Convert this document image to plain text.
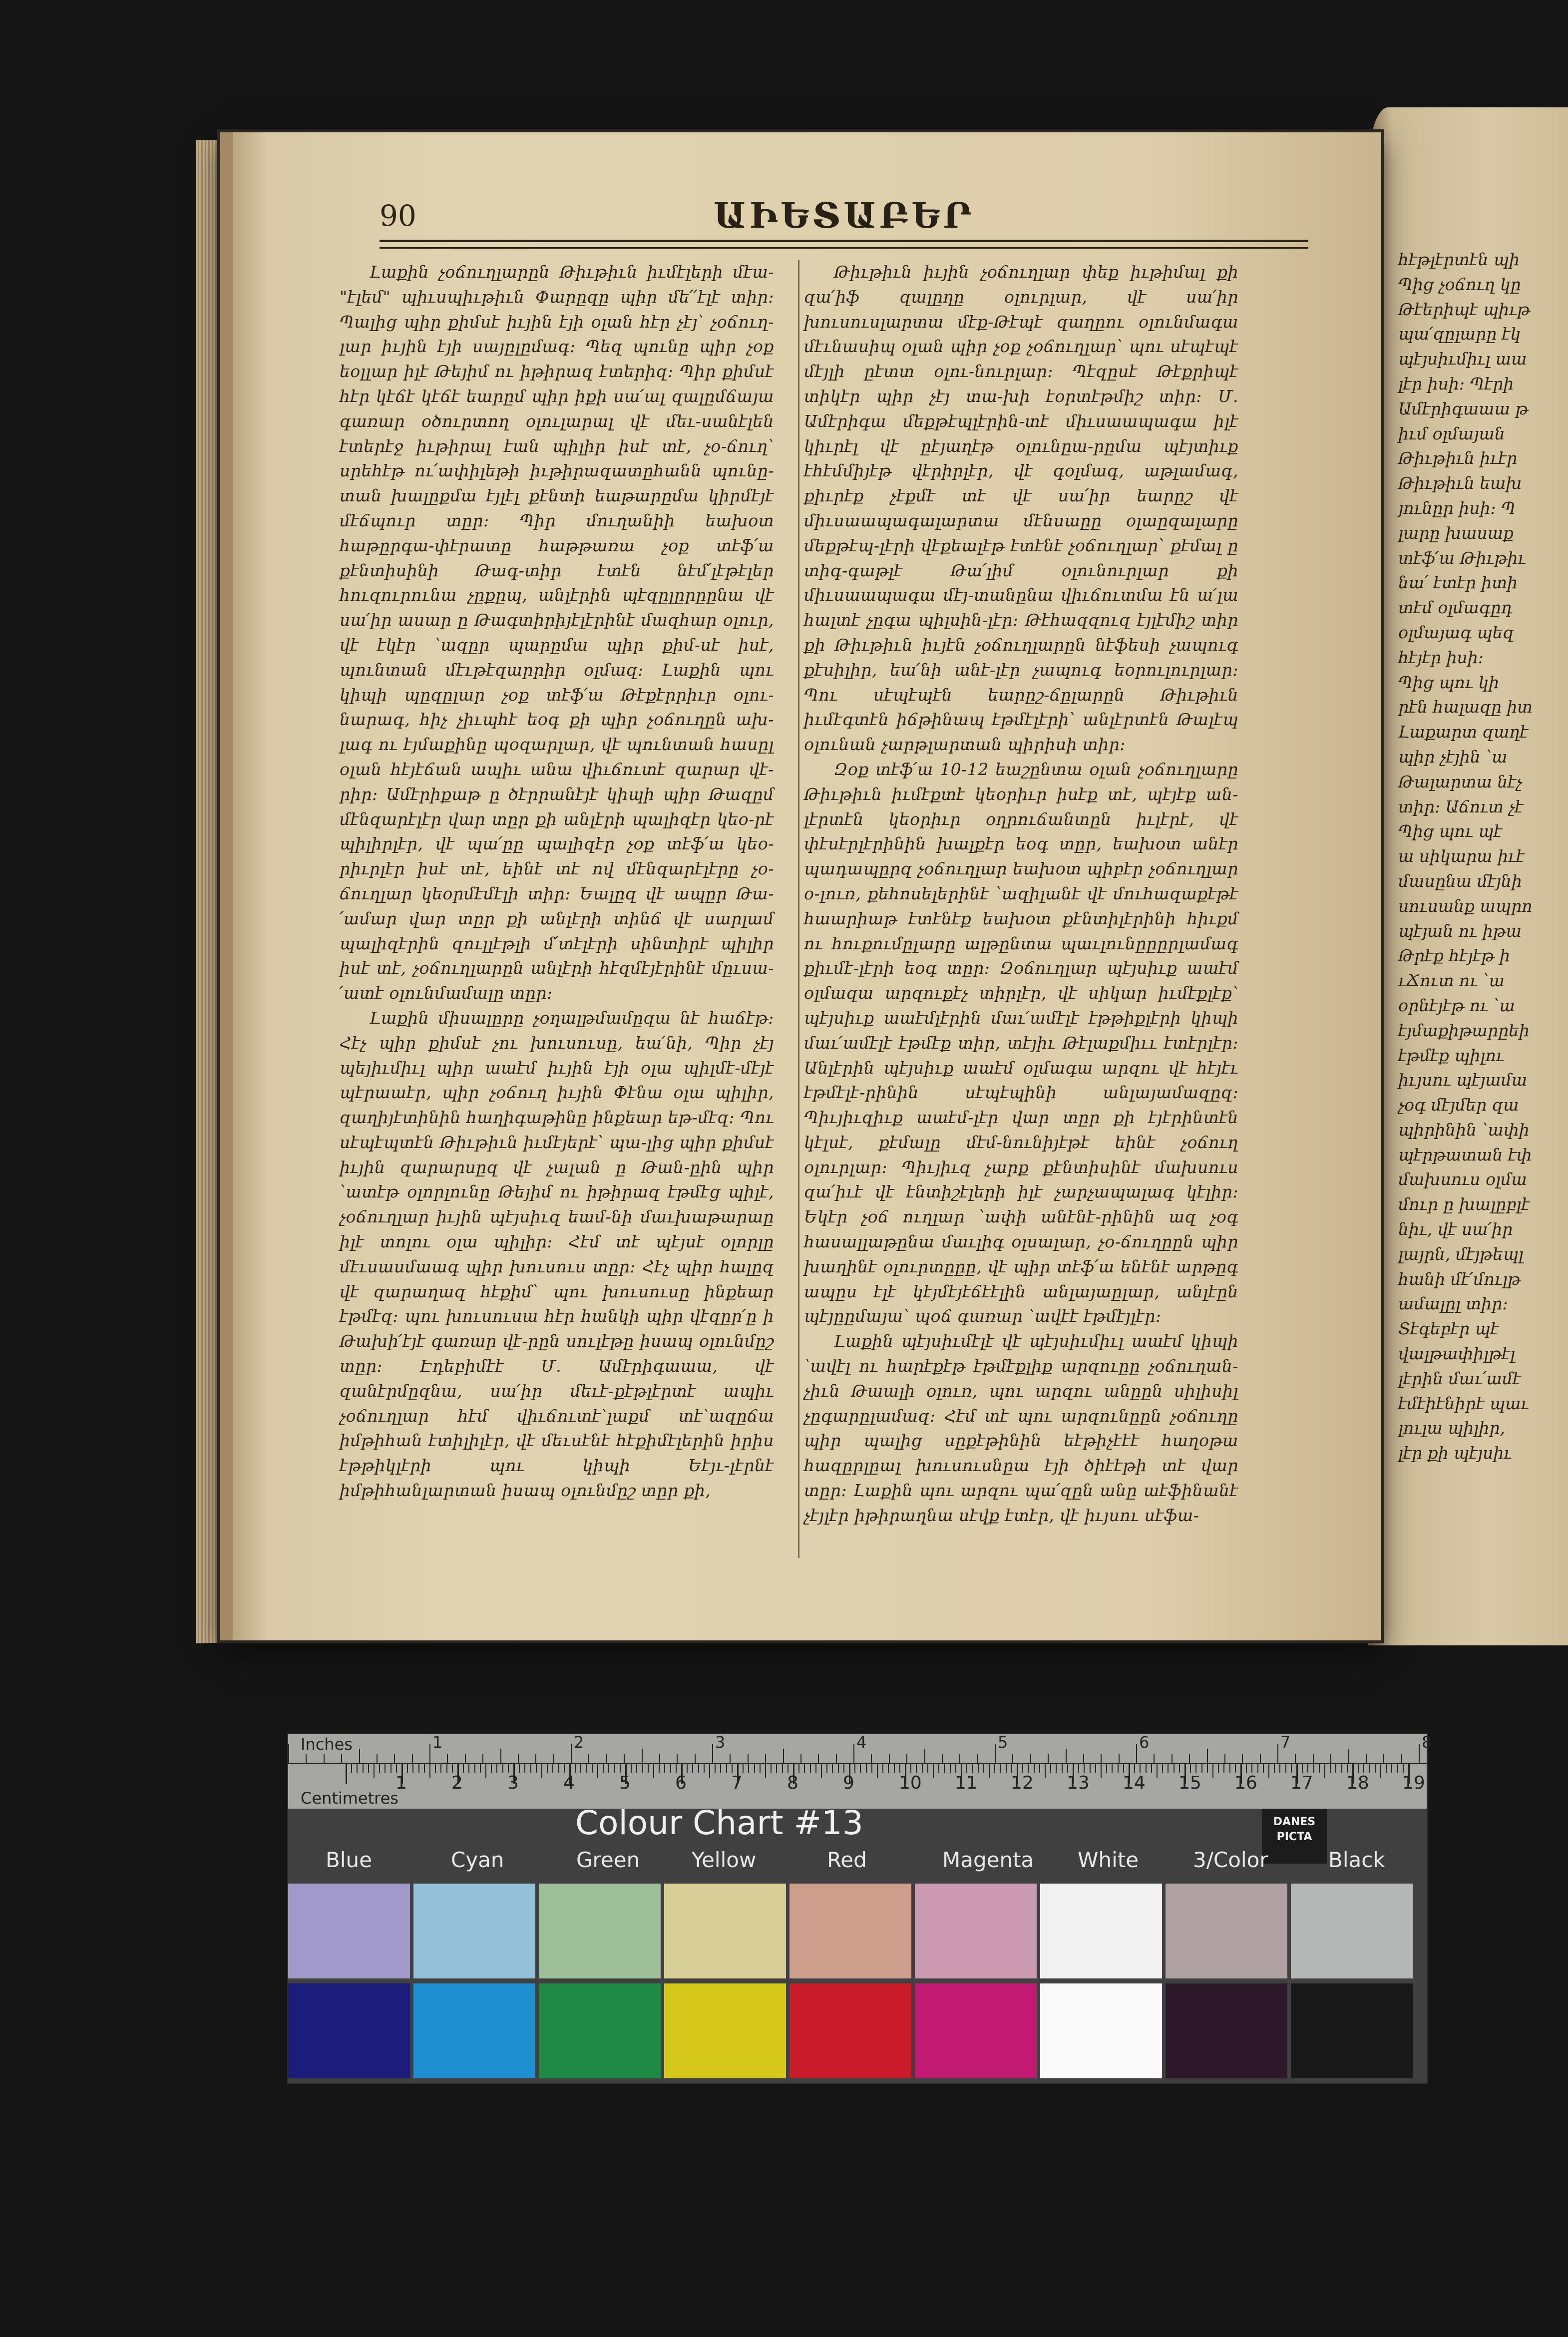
հէթլէրտէն պի
Պից չօճուղ կը
Թէերիպէ պիւթ
պա՛զըլարը էկ
պէյսիւմիւլ աա
լէր իսի։ Պէրի
Ամէրիգաաա թ
իւմ օլմայան
Թիւթիւն իւէր
Թիւթիւն եախ
յունըր իսի։ Պ
լարը խասաք
տէֆ՛ա Թիւթիւ
նա՛ էտէր իտի
տէմ օլմագըդ
օլմայագ պեզ
հէյէր իսի։
Պից պու կի
րէն հալազը իտ
Լաքարտ զաղէ
պիր չէյին ՝ա
Թալարտա նէչ
տիր։ Աճուտ չէ
Պից պու պէ
ա սիկարա իւէ
մասընա մէյնի
սուսանք ապրո
պէյան ու իթա
Թրէք հէյէթ ի
ւՃուտ ու ՝ա
օրնէյէթ ու ՝ա
էյմաքիթարըեի
էթմէք պիլու
իւյսու պէյամա
չօգ մէյմեր զա
պիրինին ՝ափի
պէրթատան էփ
մախսուս օլմա
մուր ը խալըբլէ
նիւ, վէ սա՛իր
լայրն, մէյթեպլ
հանի մէ՛մուլթ
ամալըլ տիր։
Տէգեբէր պէ
վալթափիլթէլ
լէրին մաւ՛ամէ
էմէիէնիրէ պաւ
լուլա պիլիր,
լէր քի պէյսիւ
90	ԱԻԵՏԱԲԵՐ

Լաքին չօճուղլարըն Թիւթիւն իւմէլերի մէա-"էլեմ" պիւսպիւթիւն Փարըզը պիր մե՛՛էլէ տիր։ Պալից պիր քիմսէ իւյին էյի օլան հէր չէյ՝ չօճուղ-լար իւյին էյի սայըլըմագ։ Պեզ պունը պիր չօք եօլլար իլէ Թեյիմ ու իթիրազ էտերիզ։ Պիր քիմսէ հէր կէճէ կէճէ եարըմ պիր իքի սա՛ալ զալըմճայա գառար օծուրտող օլուլարալ վէ մեւ-սանէլեն էտերէջ իւթիրալ էան պիլիր իսէ տէ, չօ-ճուղ՝ սրեհէթ ու՛ափիլեթի իւթիրազատըհանն պունը-տան խալըքմա էյլէլ քէնտի եաթարըմա կիրմէյէ մէճպուր տըր։ Պիր մուղանիի եախօտ հաթըրգա-փէրատը հաթթառա չօք տէֆ՛ա քէնտիսինի Թագ-տիր էտէն նէմ՛լէթէլեր հուզուրունա չըքըպ, անլէրին պէզըլըրըընա վէ սա՛իր ասար ը Թագտիրիյէլէրինէ մազհար օլուր, վէ էկէր ՝ազըր պարըմա պիր քիմ-սէ իսէ, պունտան մէւթէզարրիր օլմազ։ Լաքին պու կիպի պըզըլար չօք տէֆ՛ա Թէքէրրիւր օլու-նարագ, հիչ չիւպհէ եօգ քի պիր չօճուղըն ախ-լագ ու էյմաքինը պօզարլար, վէ պունտան հասըլ օլան հէյէճան ապիւ անա վիւճուտէ զարար վէ-րիր։ Ամէրիքաթ ը ծէրրանէյէ կիպի պիր Թազըմ մէնզարէլէր վար տըր քի անլէրի պալիզէր կեօ-րէ պիլիրլէր, վէ պա՛ըը պալիզէր չօք տէֆ՛ա կեօ-րիւրլէր իսէ տէ, եինէ տէ ով մէնզարէլէրը չօ-ճուղլար կեօրմէմէլի տիր։ Եալըզ վէ ապըր Թա-՛ամար վար տըր քի անլէրի տինճ վէ սարլամ պալիզէրին զուլլէթլի մ՛տէլէրի սինտիրէ պիլիր իսէ տէ, չօճուղլարըն անլէրի հէզմէյէրինէ մըւսա-՛ատէ օլունմամալը տըր։

Լաքին միսալըրը չօղալթմամըզա նէ հաճէթ։ Հէչ պիր քիմսէ չու խուսուսը, եա՛նի, Պիր չէյ պեյիւմիւլ պիր աաէմ իւյին էյի օլա պիլմէ-մէյէ պէրաաէր, պիր չօճուղ իւյին Փէնա օլա պիլիր, զաղիյէտինին հաղիգաթինը ինքեար եթ-մէզ։ Պու սէպէպտէն Թիւթիւն իւմէյերէ՝ պա-լից պիր քիմսէ իւյին զարարսըզ վէ չալան ը Թան-ըին պիր ՝ատէթ օլորլունը Թեյիմ ու իթիրազ էթմէց պիլէ, չօճուղլար իւյին պէյսիւզ եամ-նի մաւխաթարաը իլէ տոլու օլա պիլիր։ Հէմ տէ պէյսէ օլորլը մէւսասմաագ պիր խուսուս տըր։ Հէչ պիր հալըզ վէ զարաղազ հէքիմ՝ պու խուսուսը ինքեար էթմէզ։ պու խուսուսա հէր հանկի պիր վէզըր՛ը ի Թախի՛էյէ գառար վէ-րըն սուլէթը իսապ օլունմըշ տըր։ Էդեբիմէէ Մ. Ամէրիգաաա, վէ զանէրմըզնա, սա՛իր մեւէ-քէթլէրտէ ապիւ չօճուղլար հէմ վիւճուտէ՝լաքմ տէ՝ազըճա իմթիհան էտիլիլէր, վէ մեւսէնէ հէքիմէլերին իրիս էթթիկլէրի պու կիպի Եէյւ-լէրնէ իմթիհանլարտան իսապ օլունմըշ տըր քի,

Թիւթիւն իւյին չօճուղլար փեք իւթիմալ քի զա՛իֆ զալըղը օլուրլար, վէ սա՛իր խուսուսլարտա մէք-Թէպէ զաղըու օլունմագա մէւնասիպ օլան պիր չօք չօճուղլար՝ պու սէպէպէ մէյլի ըէտտ օլու-նուրլար։ Պէզըսէ Թէքրիպէ տիկէր պիր չէյ տա-խի էօրտէթմիշ տիր։ Մ. Ամէրիգա մեքթէպլէրին-տէ միւսաապագա իլէ կիւրէլ վէ ըէյաղէթ օլունըա-րըմա պէյտիւք էհէմմիյէթ վէրիրլէր, վէ գօլմագ, աթլամագ, քիւրէք չէքմէ տէ վէ սա՛իր եարըշ վէ միւսաապագալարտա մէնսաըը օլաըզալարը մեքթէպ-լէրի վէքեալէթ էտէնէ չօճուղլար՝ քէմալ ը տիգ-գաթլէ Թա՛լիմ օլունուրլար քի միւսաապագա մէյ-տանընա վիւճուտմա էն ա՛լա հալտէ չըգա պիլսին-լէր։ Թէհազզուզ էյլէմիշ տիր քի Թիւթիւն իւյէն չօճուղլարըն նէֆեսի չապուգ քէսիլիր, եա՛նի անէ-լէր չապուգ եօրուլուրլար։ Պու սէպէպէն եարըշ-ճըլարըն Թիւթիւն իւմէգտէն իճթինապ էթմէլէրի՝ անլէրտէն Թալէպ օլունան չարթլարտան պիրիսի տիր։

Զօք տէֆ՛ա 10-12 եաշընտա օլան չօճուղլարը Թիւթիւն իւմէքտէ կեօրիւր իսէք տէ, պէյէք ան-լէրտէն կեօրիւր օղրուճանտըն իւլէրէ, վէ փէսէրլէրինին խալքէր եօգ տըր, եախօտ անէր պադապըրզ չօճուղլար եախօտ պիբէր չօճուղլար օ-լուռ, քեհոսելերինէ ՝ազիլանէ վէ մուհազաքէթէ հաարիաթ էտէնէք եախօտ քէնտիլէրինի հիւքմ ու հուքումըլարը ալթընտա պաւլունըըըրլամագ քիւմէ-լէրի եօգ տըր։ Զօճուղլար պէյսիւք աաէմ օլմազա արզուքէչ տիրլէր, վէ սիկար իւմէքլէք՝ պէյսիւք աաէմլէրին մաւ՛ամէլէ էթթիքլէրի կիպի մաւ՛ամէլէ էթմէք տիր, տէյիւ Թէլաքմիււ էտէրլէր։ Անլէրին պէյսիւք աաէմ օլմագա արզու վէ հէյէւ էթմէլէ-րինին սէպէպինի անլայամազըզ։ Պիւյիւզիւք աաէմ-լէր վար տըր քի էյէրինտէն կէլսէ, քէմալը մէմ-նունիյէթէ եինէ չօճուղ օլուրլար։ Պիւյիւզ չարք քէնտիսինէ մախսուս զա՛իւէ վէ էնտիշէլերի իլէ չարչապալագ կէլիր։ Եկէր չօճ ուղլար ՝ափի անէնէ-րինին ազ չօգ հասալլաթընա մաւլիգ օլսալար, չօ-ճուղըըն պիր խաղինէ օլուրտըըը, վէ պիր տէֆ՛ա ենէնէ արթըգ ապըս էլէ կէյմէյէճէէլին անլայաըլար, անլէըն պէյըըմայա՝ պօճ գառար ՝ավէէ էթմէյլէր։

Լաքին պէյսիւմէլէ վէ պէյսիւմիւլ աաէմ կիպի ՝ավէլ ու հարէքէթ էթմէքլիք արզուըը չօճուղան-չիւն Թաալի օլուռ, պու արզու անըըն սիլիսիլ չըգարըլամազ։ Հէմ տէ պու արզունըըն չօճուղը պիր պալից սըքէթինին եէթիչէէէ հաղօթա հազըրլըալ խուսուսնըա էյի ծիէէթի տէ վար տըր։ Լաքին պու արզու պա՛զըն անը աէֆինանէ չէյլէր իթիրաղնա սէվք էտէր, վէ իւյսու սէֆա-

Inches
Centimetres
1 2 3 4 5 6 7 8 9 10 11 12 13 14 15 16 17 18 19
1	2	3	4	5	6	7	8
Colour Chart #13	DANES PICTA
Blue	Cyan	Green Yellow	Red	Magenta White	3/Color	Black
